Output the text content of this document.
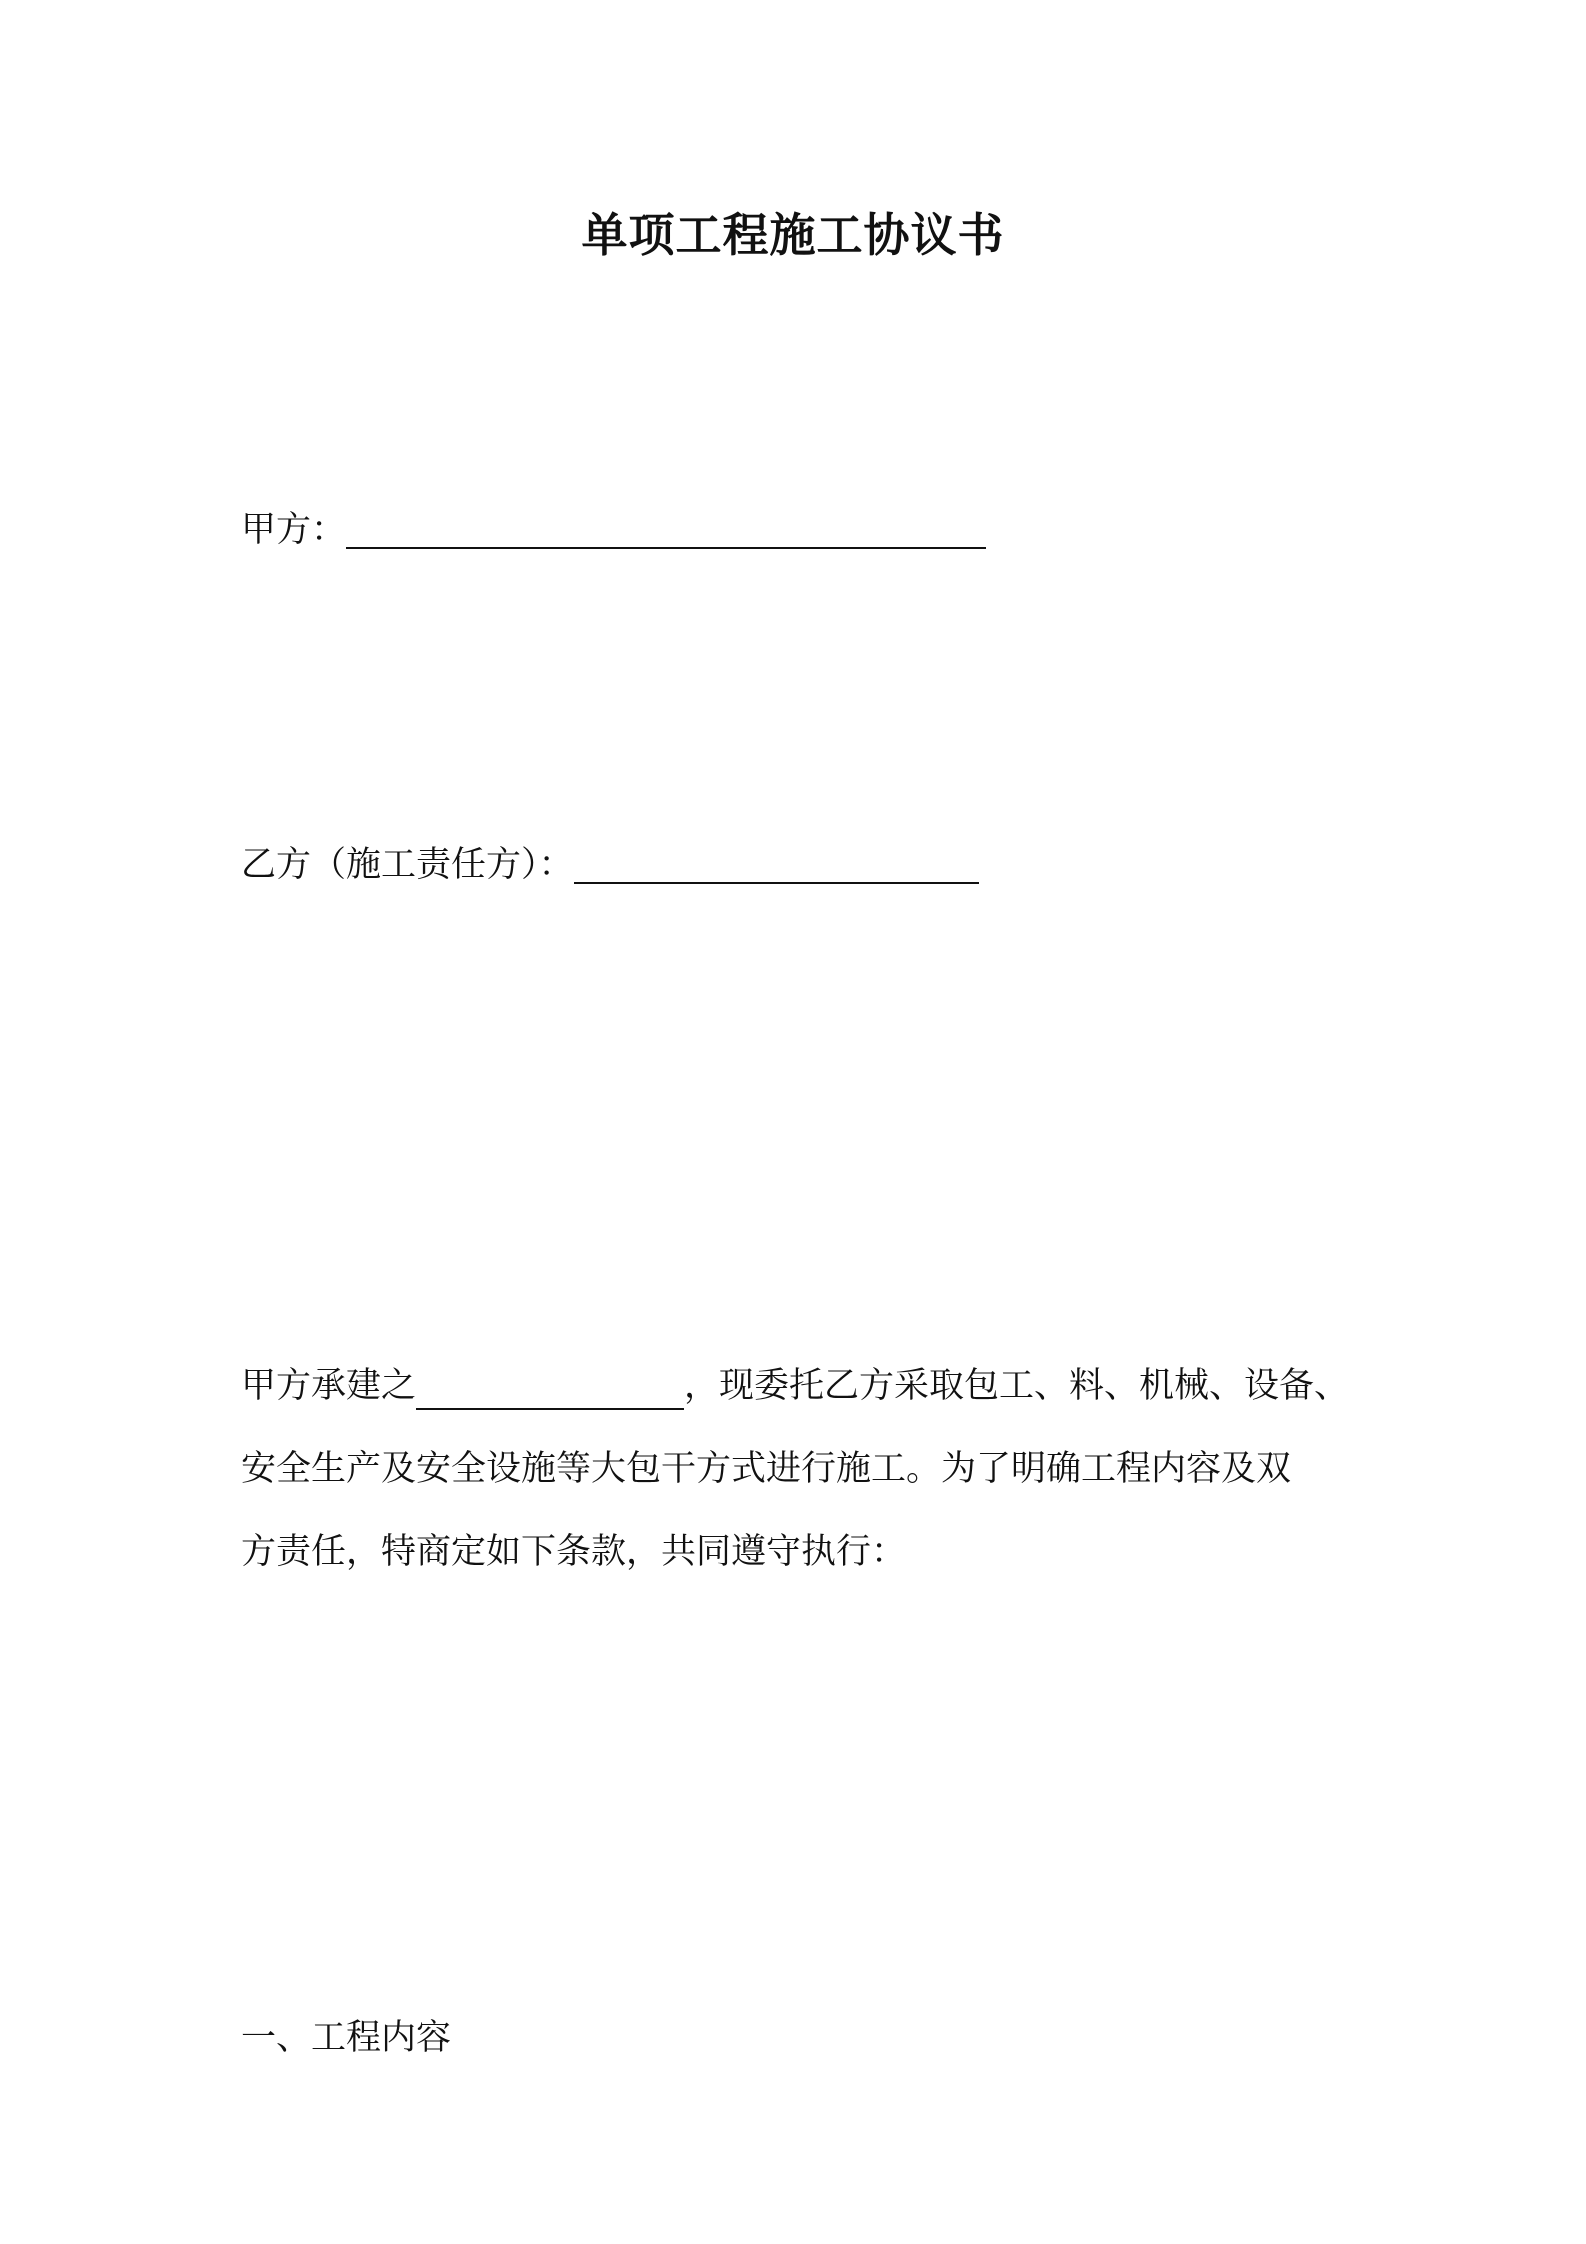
单项工程施工协议书
甲方：
乙方（施工责任方）：
甲方承建之	，现委托乙方采取包工、料、机械、设备、
安全生产及安全设施等大包干方式进行施工。为了明确工程内容及双
方责任，特商定如下条款，共同遵守执行：
一、工程内容
